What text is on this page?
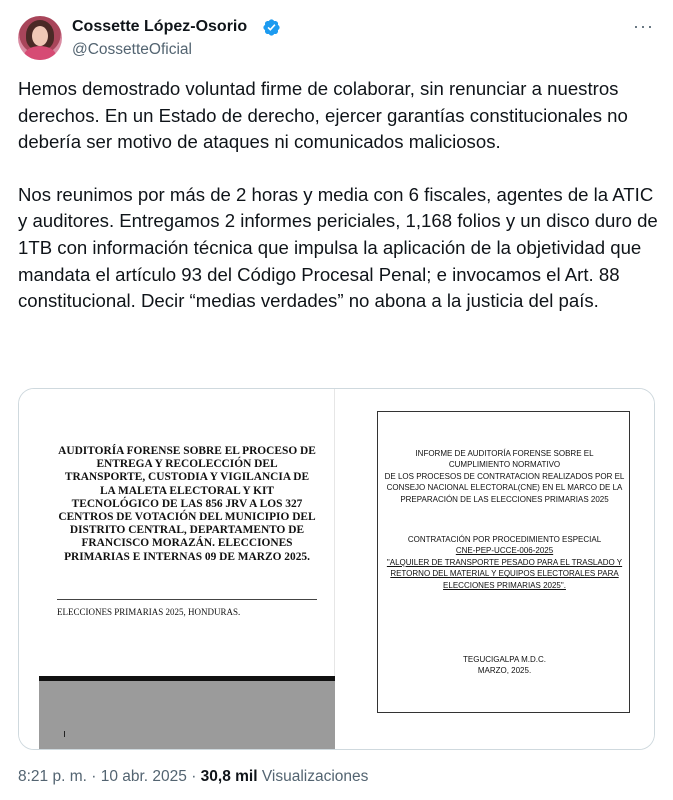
Cossette López-Osorio
@CossetteOficial
···

Hemos demostrado voluntad firme de colaborar, sin renunciar a nuestros derechos. En un Estado de derecho, ejercer garantías constitucionales no debería ser motivo de ataques ni comunicados maliciosos.

Nos reunimos por más de 2 horas y media con 6 fiscales, agentes de la ATIC y auditores. Entregamos 2 informes periciales, 1,168 folios y un disco duro de 1TB con información técnica que impulsa la aplicación de la objetividad que mandata el artículo 93 del Código Procesal Penal; e invocamos el Art. 88 constitucional. Decir “medias verdades” no abona a la justicia del país.

AUDITORÍA FORENSE SOBRE EL PROCESO DE ENTREGA Y RECOLECCIÓN DEL TRANSPORTE, CUSTODIA Y VIGILANCIA DE LA MALETA ELECTORAL Y KIT TECNOLÓGICO DE LAS 856 JRV A LOS 327 CENTROS DE VOTACIÓN DEL MUNICIPIO DEL DISTRITO CENTRAL, DEPARTAMENTO DE FRANCISCO MORAZÁN. ELECCIONES PRIMARIAS E INTERNAS 09 DE MARZO 2025.
ELECCIONES PRIMARIAS 2025, HONDURAS.
INFORME DE AUDITORÍA FORENSE SOBRE EL
CUMPLIMIENTO NORMATIVO
DE LOS PROCESOS DE CONTRATACION REALIZADOS POR EL
CONSEJO NACIONAL ELECTORAL(CNE) EN EL MARCO DE LA
PREPARACIÓN DE LAS ELECCIONES PRIMARIAS 2025
CONTRATACIÓN POR PROCEDIMIENTO ESPECIAL
CNE-PEP-UCCE-006-2025
"ALQUILER DE TRANSPORTE PESADO PARA EL TRASLADO Y
RETORNO DEL MATERIAL Y EQUIPOS ELECTORALES PARA
ELECCIONES PRIMARIAS 2025".
TEGUCIGALPA M.D.C.
MARZO, 2025.
8:21 p. m. · 10 abr. 2025 · 30,8 mil Visualizaciones
